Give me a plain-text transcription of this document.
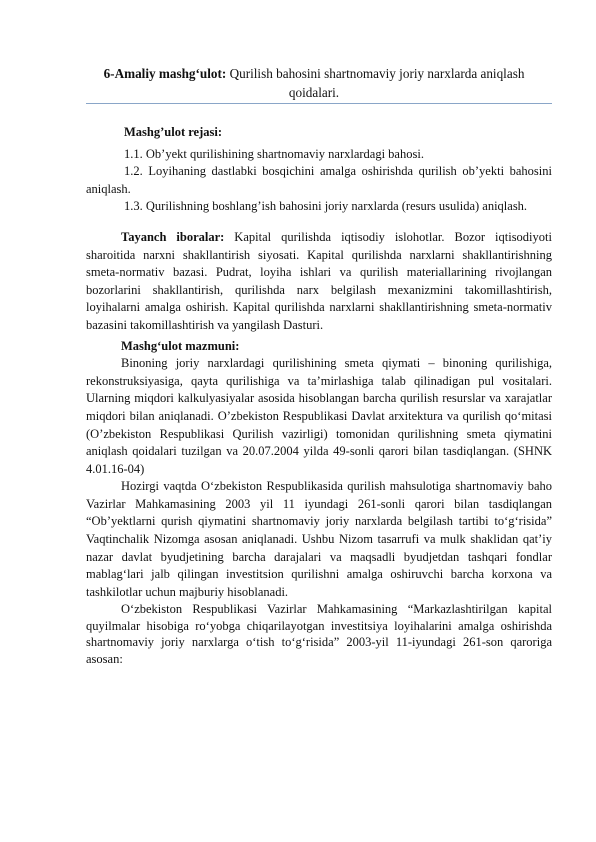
6-Amaliy mashg‘ulot: Qurilish bahosini shartnomaviy joriy narxlarda aniqlash qoidalari.

Mashg’ulot rejasi:

1.1. Ob’yekt qurilishining shartnomaviy narxlardagi bahosi.

1.2. Loyihaning dastlabki bosqichini amalga oshirishda qurilish ob’yekti bahosini aniqlash.

1.3. Qurilishning boshlang’ish bahosini joriy narxlarda (resurs usulida) aniqlash.

Tayanch iboralar: Kapital qurilishda iqtisodiy islohotlar. Bozor iqtisodiyoti sharoitida narxni shakllantirish siyosati. Kapital qurilishda narxlarni shakllantirishning smeta-normativ bazasi. Pudrat, loyiha ishlari va qurilish materiallarining rivojlangan bozorlarini shakllantirish, qurilishda narx belgilash mexanizmini takomillashtirish, loyihalarni amalga oshirish. Kapital qurilishda narxlarni shakllantirishning smeta-normativ bazasini takomillashtirish va yangilash Dasturi.

Mashg‘ulot mazmuni:

Binoning joriy narxlardagi qurilishining smeta qiymati – binoning qurilishiga, rekonstruksiyasiga, qayta qurilishiga va ta’mirlashiga talab qilinadigan pul vositalari. Ularning miqdori kalkulyasiyalar asosida hisoblangan barcha qurilish resurslar va xarajatlar miqdori bilan aniqlanadi. O’zbekiston Respublikasi Davlat arxitektura va qurilish qo‘mitasi (O’zbekiston Respublikasi Qurilish vazirligi) tomonidan qurilishning smeta qiymatini aniqlash qoidalari tuzilgan va 20.07.2004 yilda 49-sonli qarori bilan tasdiqlangan. (SHNK 4.01.16-04)

Hozirgi vaqtda O‘zbekiston Respublikasida qurilish mahsulotiga shartnomaviy baho Vazirlar Mahkamasining 2003 yil 11 iyundagi 261-sonli qarori bilan tasdiqlangan “Ob’yektlarni qurish qiymatini shartnomaviy joriy narxlarda belgilash tartibi to‘g‘risida” Vaqtinchalik Nizomga asosan aniqlanadi. Ushbu Nizom tasarrufi va mulk shaklidan qat’iy nazar davlat byudjetining barcha darajalari va maqsadli byudjetdan tashqari fondlar mablag‘lari jalb qilingan investitsion qurilishni amalga oshiruvchi barcha korxona va tashkilotlar uchun majburiy hisoblanadi.

O‘zbekiston Respublikasi Vazirlar Mahkamasining “Markazlashtirilgan kapital quyilmalar hisobiga ro‘yobga chiqarilayotgan investitsiya loyihalarini amalga oshirishda shartnomaviy joriy narxlarga o‘tish to‘g‘risida” 2003-yil 11-iyundagi 261-son qaroriga asosan:
